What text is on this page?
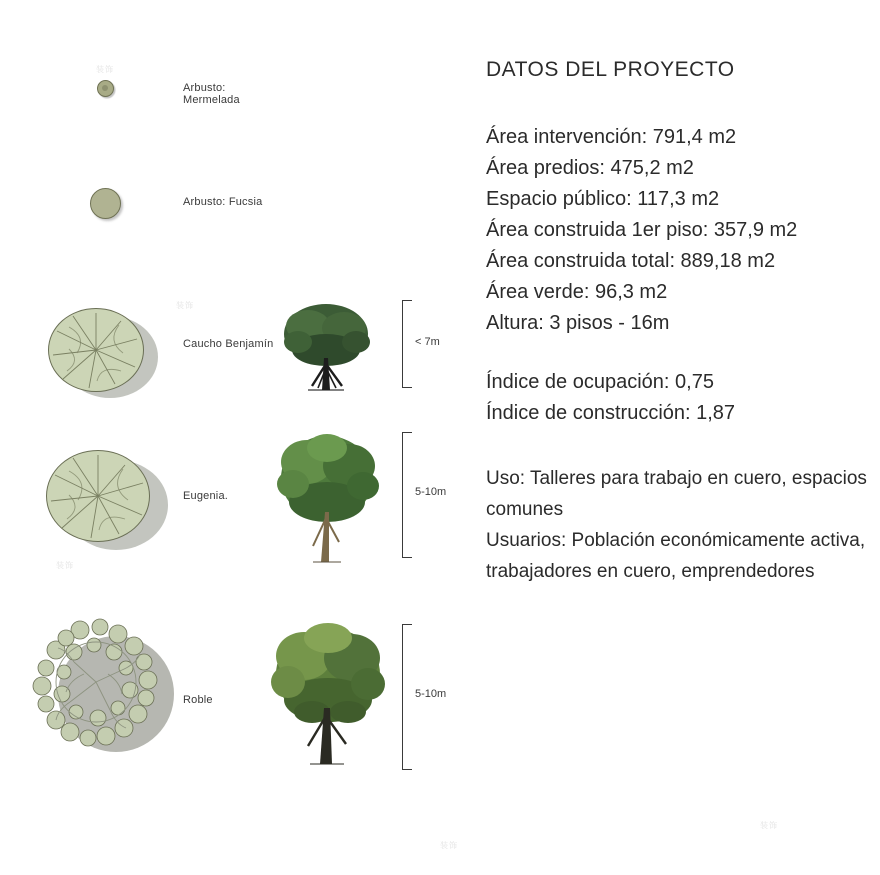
Arbusto: Mermelada
Arbusto: Fucsia
Caucho Benjamín	< 7m
Eugenia.	5-10m
Roble	5-10m
DATOS DEL PROYECTO
Área intervención: 791,4 m2
Área predios: 475,2 m2
Espacio público: 117,3 m2
Área construida 1er piso: 357,9 m2
Área construida total: 889,18 m2
Área verde: 96,3 m2
Altura: 3 pisos - 16m
Índice de ocupación: 0,75
Índice de construcción: 1,87
Uso: Talleres para trabajo en cuero, espacios comunes
Usuarios: Población económicamente activa, trabajadores en cuero, emprendedores
装饰
装饰
装饰
装饰
装饰
